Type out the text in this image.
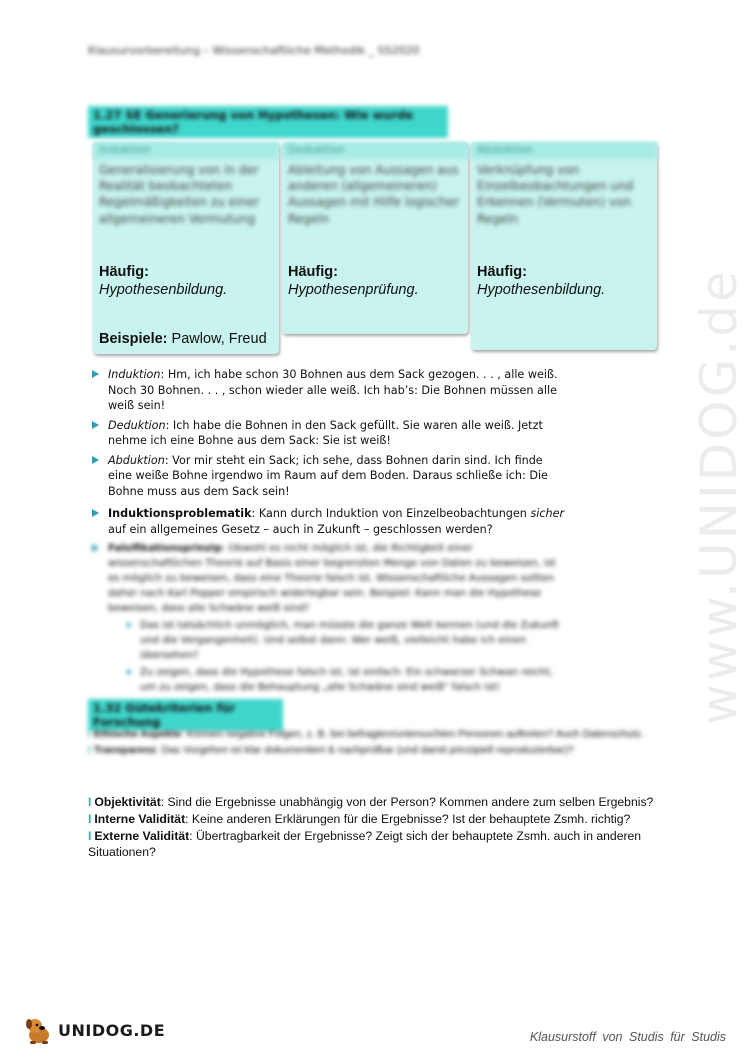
www.UNIDOG.de
Klausurvorbereitung – Wissenschaftliche Methodik _ SS2020
1.27 SE Generierung von Hypothesen: Wie wurde geschlossen?
Induktion
Generalisierung von in der Realität beobachteten Regelmäßigkeiten zu einer allgemeineren Vermutung
Häufig:
Hypothesenbildung.
Beispiele: Pawlow, Freud
Deduktion
Ableitung von Aussagen aus anderen (allgemeineren) Aussagen mit Hilfe logischer Regeln
Häufig:
Hypothesenprüfung.
Abduktion
Verknüpfung von Einzelbeobachtungen und Erkennen (Vermuten) von Regeln
Häufig:
Hypothesenbildung.
Induktion: Hm, ich habe schon 30 Bohnen aus dem Sack gezogen. . . , alle weiß. Noch 30 Bohnen. . . , schon wieder alle weiß. Ich hab’s: Die Bohnen müssen alle weiß sein!
Deduktion: Ich habe die Bohnen in den Sack gefüllt. Sie waren alle weiß. Jetzt nehme ich eine Bohne aus dem Sack: Sie ist weiß!
Abduktion: Vor mir steht ein Sack; ich sehe, dass Bohnen darin sind. Ich finde eine weiße Bohne irgendwo im Raum auf dem Boden. Daraus schließe ich: Die Bohne muss aus dem Sack sein!
Induktionsproblematik: Kann durch Induktion von Einzelbeobachtungen sicher auf ein allgemeines Gesetz – auch in Zukunft – geschlossen werden?
Falsifikationsprinzip: Obwohl es nicht möglich ist, die Richtigkeit einer wissenschaftlichen Theorie auf Basis einer begrenzten Menge von Daten zu beweisen, ist es möglich zu beweisen, dass eine Theorie falsch ist. Wissenschaftliche Aussagen sollten daher nach Karl Popper empirisch widerlegbar sein. Beispiel: Kann man die Hypothese beweisen, dass alle Schwäne weiß sind?
Das ist tatsächlich unmöglich, man müsste die ganze Welt kennen (und die Zukunft und die Vergangenheit). Und selbst dann: Wer weiß, vielleicht habe ich einen übersehen?
Zu zeigen, dass die Hypothese falsch ist, ist einfach: Ein schwarzer Schwan reicht, um zu zeigen, dass die Behauptung „alle Schwäne sind weiß“ falsch ist!
1.32 Gütekriterien für Forschung
I Ethische Aspekte: Können negative Folgen, z. B. bei befragten/untersuchten Personen auftreten? Auch Datenschutz.
I Transparenz: Das Vorgehen ist klar dokumentiert & nachprüfbar (und damit prinzipiell reproduzierbar)?
I Objektivität: Sind die Ergebnisse unabhängig von der Person? Kommen andere zum selben Ergebnis?
I Interne Validität: Keine anderen Erklärungen für die Ergebnisse? Ist der behauptete Zsmh. richtig?
I Externe Validität: Übertragbarkeit der Ergebnisse? Zeigt sich der behauptete Zsmh. auch in anderen Situationen?
UNIDOG.DE	Klausurstoff von Studis für Studis
